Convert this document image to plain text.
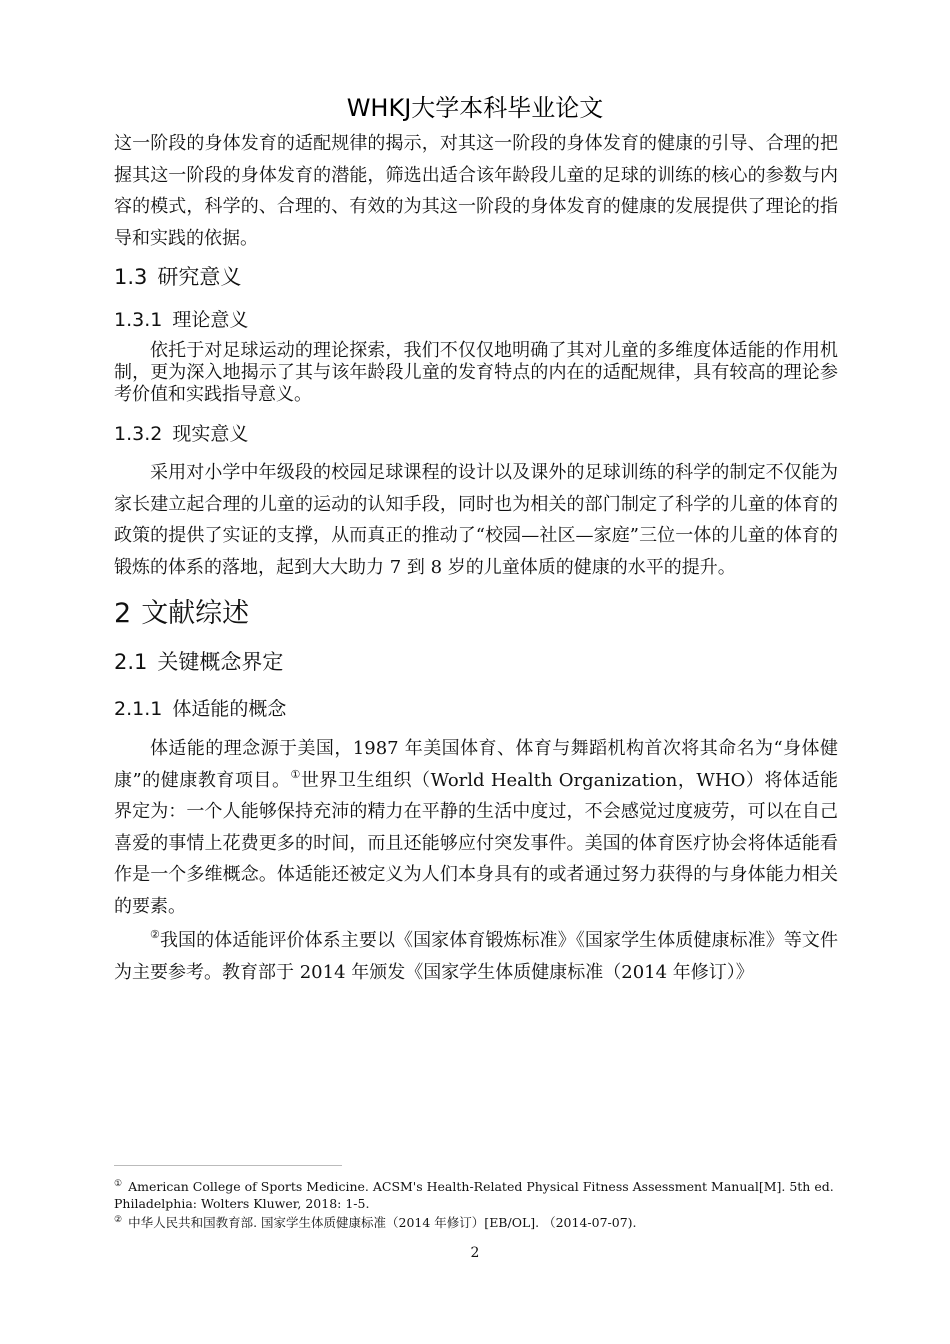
WHKJ大学本科毕业论文

这一阶段的身体发育的适配规律的揭示，对其这一阶段的身体发育的健康的引导、合理的把握其这一阶段的身体发育的潜能，筛选出适合该年龄段儿童的足球的训练的核心的参数与内容的模式，科学的、合理的、有效的为其这一阶段的身体发育的健康的发展提供了理论的指导和实践的依据。

1.3 研究意义
1.3.1 理论意义

依托于对足球运动的理论探索，我们不仅仅地明确了其对儿童的多维度体适能的作用机制，更为深入地揭示了其与该年龄段儿童的发育特点的内在的适配规律，具有较高的理论参考价值和实践指导意义。

1.3.2 现实意义

采用对小学中年级段的校园足球课程的设计以及课外的足球训练的科学的制定不仅能为家长建立起合理的儿童的运动的认知手段，同时也为相关的部门制定了科学的儿童的体育的政策的提供了实证的支撑，从而真正的推动了“校园—社区—家庭”三位一体的儿童的体育的锻炼的体系的落地，起到大大助力 7 到 8 岁的儿童体质的健康的水平的提升。

2 文献综述
2.1 关键概念界定
2.1.1 体适能的概念

体适能的理念源于美国，1987 年美国体育、体育与舞蹈机构首次将其命名为“身体健康”的健康教育项目。①世界卫生组织（World Health Organization，WHO）将体适能界定为：一个人能够保持充沛的精力在平静的生活中度过，不会感觉过度疲劳，可以在自己喜爱的事情上花费更多的时间，而且还能够应付突发事件。美国的体育医疗协会将体适能看作是一个多维概念。体适能还被定义为人们本身具有的或者通过努力获得的与身体能力相关的要素。

②我国的体适能评价体系主要以《国家体育锻炼标准》《国家学生体质健康标准》等文件为主要参考。教育部于 2014 年颁发《国家学生体质健康标准（2014 年修订）》

① American College of Sports Medicine. ACSM's Health-Related Physical Fitness Assessment Manual[M]. 5th ed. Philadelphia: Wolters Kluwer, 2018: 1-5.

② 中华人民共和国教育部. 国家学生体质健康标准（2014 年修订）[EB/OL]. （2014-07-07).

2
